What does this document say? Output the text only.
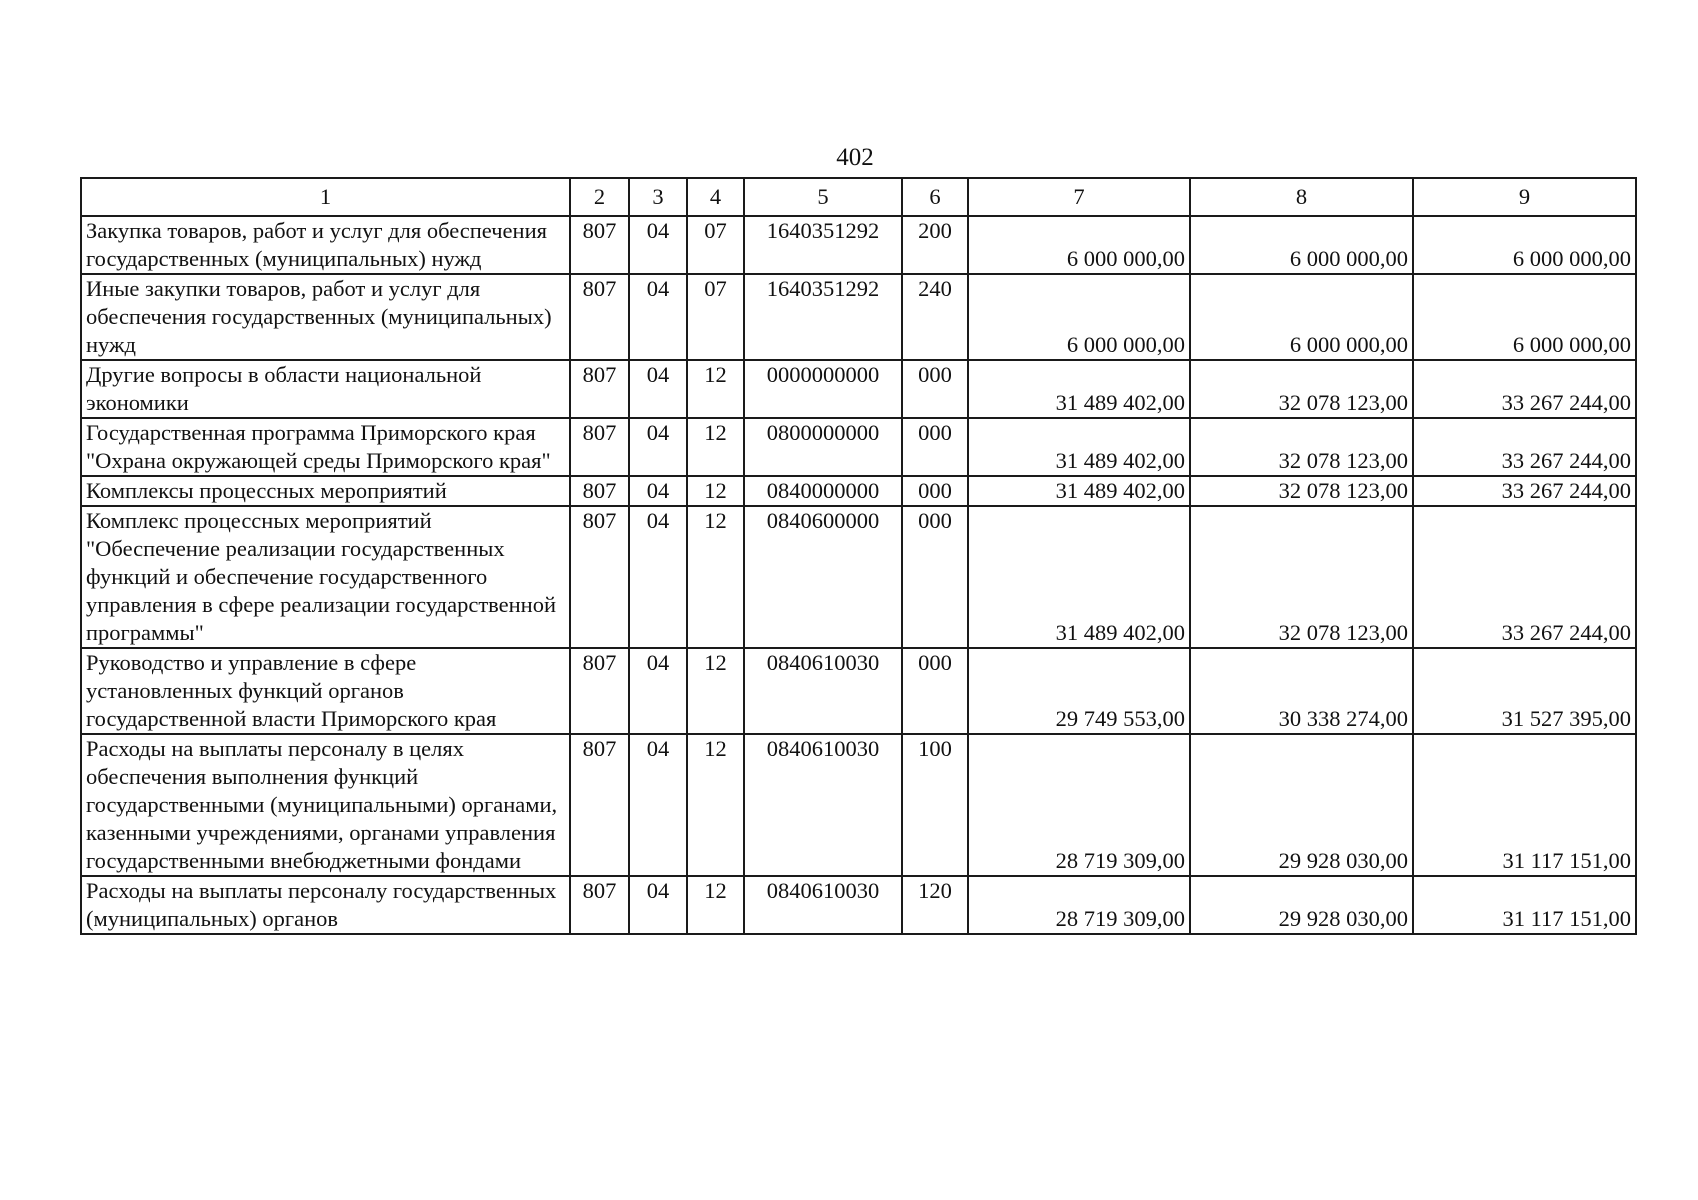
402
1	2	3	4	5	6	7	8	9
Закупка товаров, работ и услуг для обеспечения государственных (муниципальных) нужд	807	04	07	1640351292	200	6 000 000,00	6 000 000,00	6 000 000,00
Иные закупки товаров, работ и услуг для обеспечения государственных (муниципальных) нужд	807	04	07	1640351292	240	6 000 000,00	6 000 000,00	6 000 000,00
Другие вопросы в области национальной экономики	807	04	12	0000000000	000	31 489 402,00	32 078 123,00	33 267 244,00
Государственная программа Приморского края "Охрана окружающей среды Приморского края"	807	04	12	0800000000	000	31 489 402,00	32 078 123,00	33 267 244,00
Комплексы процессных мероприятий	807	04	12	0840000000	000	31 489 402,00	32 078 123,00	33 267 244,00
Комплекс процессных мероприятий "Обеспечение реализации государственных функций и обеспечение государственного управления в сфере реализации государственной программы"	807	04	12	0840600000	000	31 489 402,00	32 078 123,00	33 267 244,00
Руководство и управление в сфере установленных функций органов государственной власти Приморского края	807	04	12	0840610030	000	29 749 553,00	30 338 274,00	31 527 395,00
Расходы на выплаты персоналу в целях обеспечения выполнения функций государственными (муниципальными) органами, казенными учреждениями, органами управления государственными внебюджетными фондами	807	04	12	0840610030	100	28 719 309,00	29 928 030,00	31 117 151,00
Расходы на выплаты персоналу государственных (муниципальных) органов	807	04	12	0840610030	120	28 719 309,00	29 928 030,00	31 117 151,00
